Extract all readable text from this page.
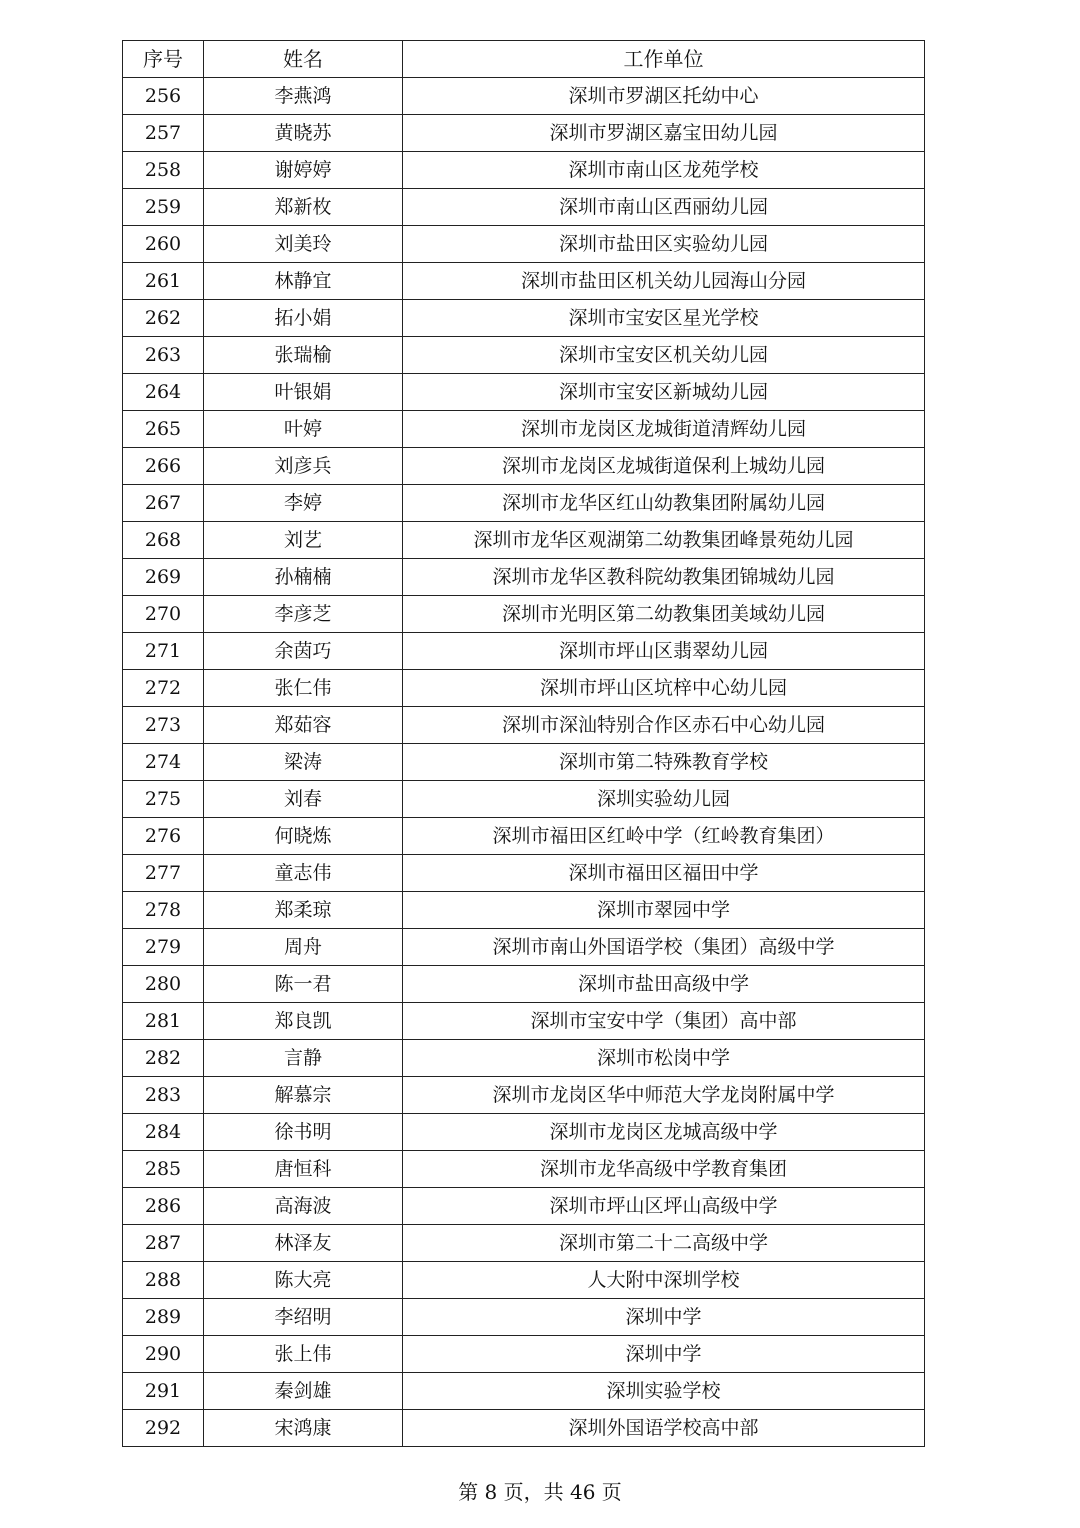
序号	姓名	工作单位
256	李燕鸿	深圳市罗湖区托幼中心
257	黄晓苏	深圳市罗湖区嘉宝田幼儿园
258	谢婷婷	深圳市南山区龙苑学校
259	郑新枚	深圳市南山区西丽幼儿园
260	刘美玲	深圳市盐田区实验幼儿园
261	林静宜	深圳市盐田区机关幼儿园海山分园
262	拓小娟	深圳市宝安区星光学校
263	张瑞榆	深圳市宝安区机关幼儿园
264	叶银娟	深圳市宝安区新城幼儿园
265	叶婷	深圳市龙岗区龙城街道清辉幼儿园
266	刘彦兵	深圳市龙岗区龙城街道保利上城幼儿园
267	李婷	深圳市龙华区红山幼教集团附属幼儿园
268	刘艺	深圳市龙华区观湖第二幼教集团峰景苑幼儿园
269	孙楠楠	深圳市龙华区教科院幼教集团锦城幼儿园
270	李彦芝	深圳市光明区第二幼教集团美域幼儿园
271	余茵巧	深圳市坪山区翡翠幼儿园
272	张仁伟	深圳市坪山区坑梓中心幼儿园
273	郑茹容	深圳市深汕特别合作区赤石中心幼儿园
274	梁涛	深圳市第二特殊教育学校
275	刘春	深圳实验幼儿园
276	何晓炼	深圳市福田区红岭中学（红岭教育集团）
277	童志伟	深圳市福田区福田中学
278	郑柔琼	深圳市翠园中学
279	周舟	深圳市南山外国语学校（集团）高级中学
280	陈一君	深圳市盐田高级中学
281	郑良凯	深圳市宝安中学（集团）高中部
282	言静	深圳市松岗中学
283	解慕宗	深圳市龙岗区华中师范大学龙岗附属中学
284	徐书明	深圳市龙岗区龙城高级中学
285	唐恒科	深圳市龙华高级中学教育集团
286	高海波	深圳市坪山区坪山高级中学
287	林泽友	深圳市第二十二高级中学
288	陈大亮	人大附中深圳学校
289	李绍明	深圳中学
290	张上伟	深圳中学
291	秦剑雄	深圳实验学校
292	宋鸿康	深圳外国语学校高中部
第 8 页，共 46 页
